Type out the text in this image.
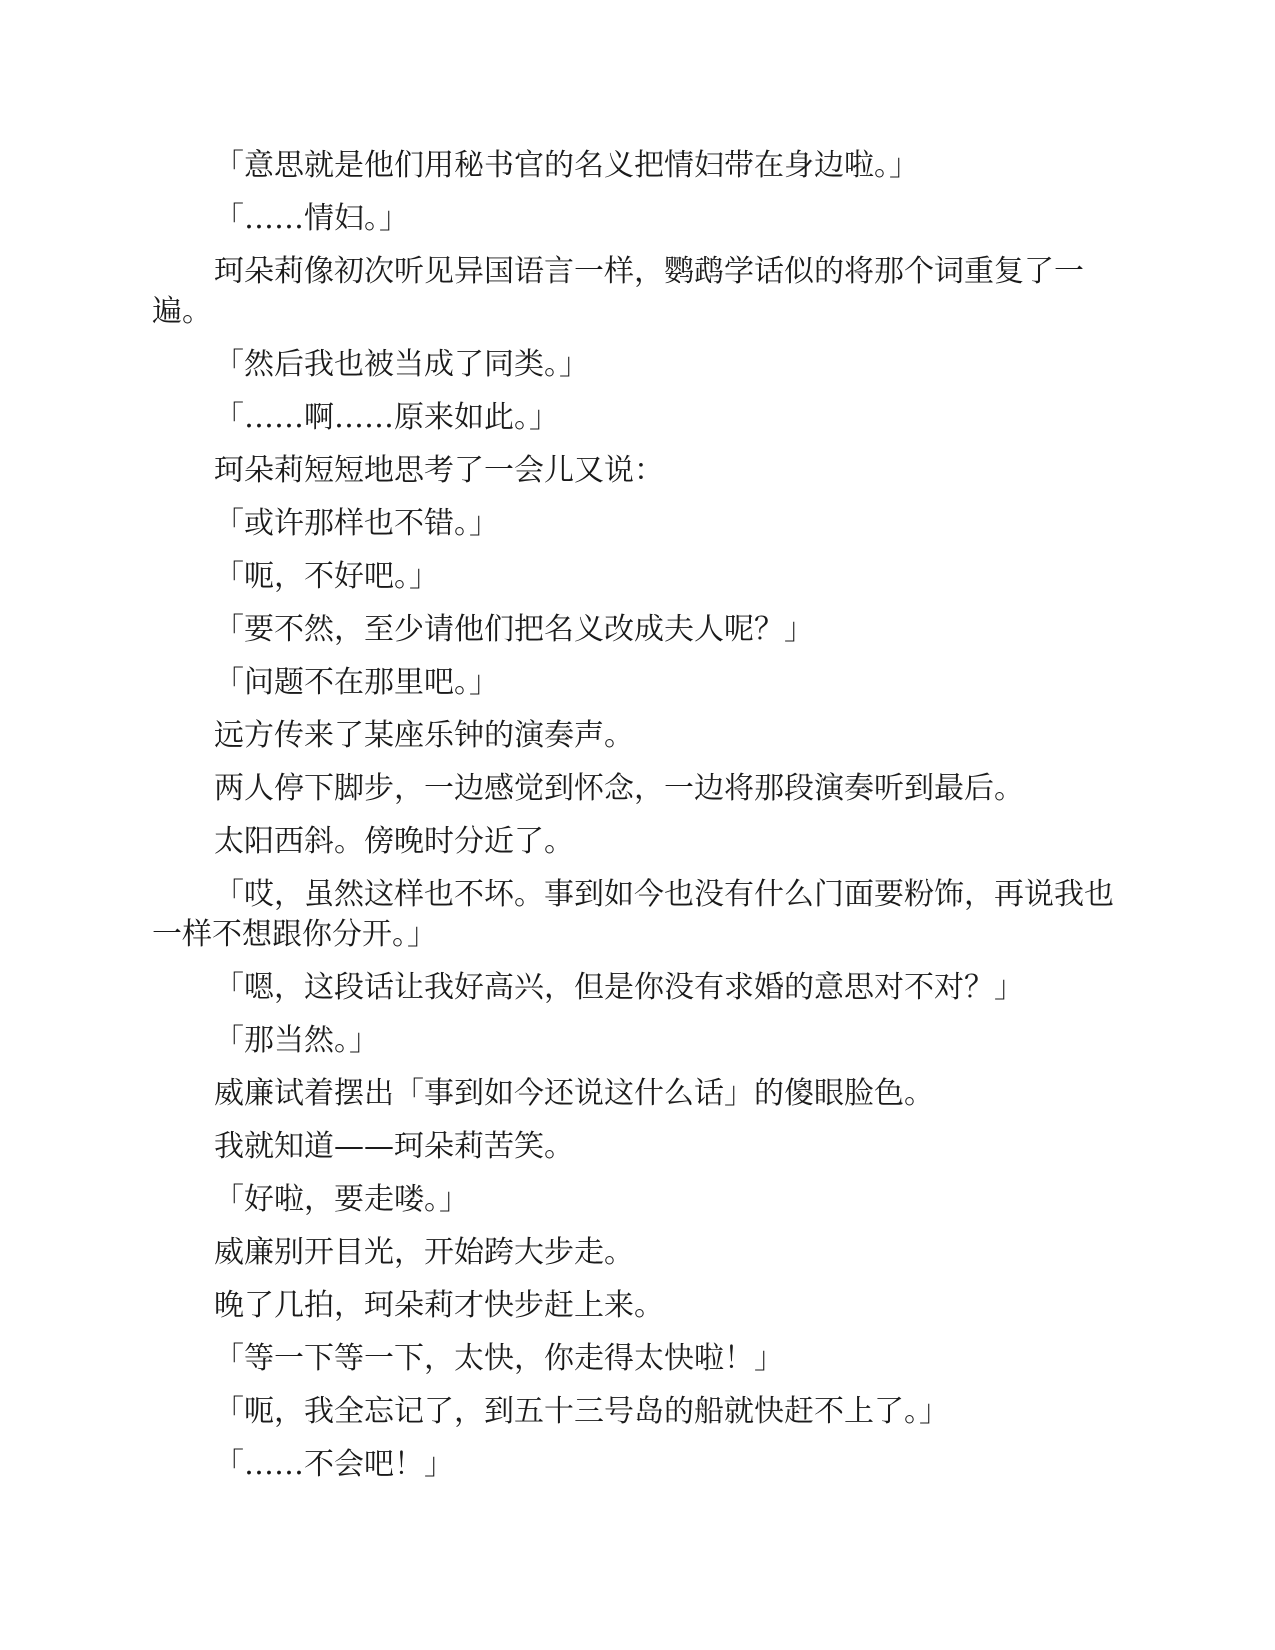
「意思就是他们用秘书官的名义把情妇带在身边啦。」

「……情妇。」

珂朵莉像初次听见异国语言一样，鹦鹉学话似的将那个词重复了一遍。

「然后我也被当成了同类。」

「……啊……原来如此。」

珂朵莉短短地思考了一会儿又说：

「或许那样也不错。」

「呃，不好吧。」

「要不然，至少请他们把名义改成夫人呢？」

「问题不在那里吧。」

远方传来了某座乐钟的演奏声。

两人停下脚步，一边感觉到怀念，一边将那段演奏听到最后。

太阳西斜。傍晚时分近了。

「哎，虽然这样也不坏。事到如今也没有什么门面要粉饰，再说我也一样不想跟你分开。」

「嗯，这段话让我好高兴，但是你没有求婚的意思对不对？」

「那当然。」

威廉试着摆出「事到如今还说这什么话」的傻眼脸色。

我就知道——珂朵莉苦笑。

「好啦，要走喽。」

威廉别开目光，开始跨大步走。

晚了几拍，珂朵莉才快步赶上来。

「等一下等一下，太快，你走得太快啦！」

「呃，我全忘记了，到五十三号岛的船就快赶不上了。」

「……不会吧！」
